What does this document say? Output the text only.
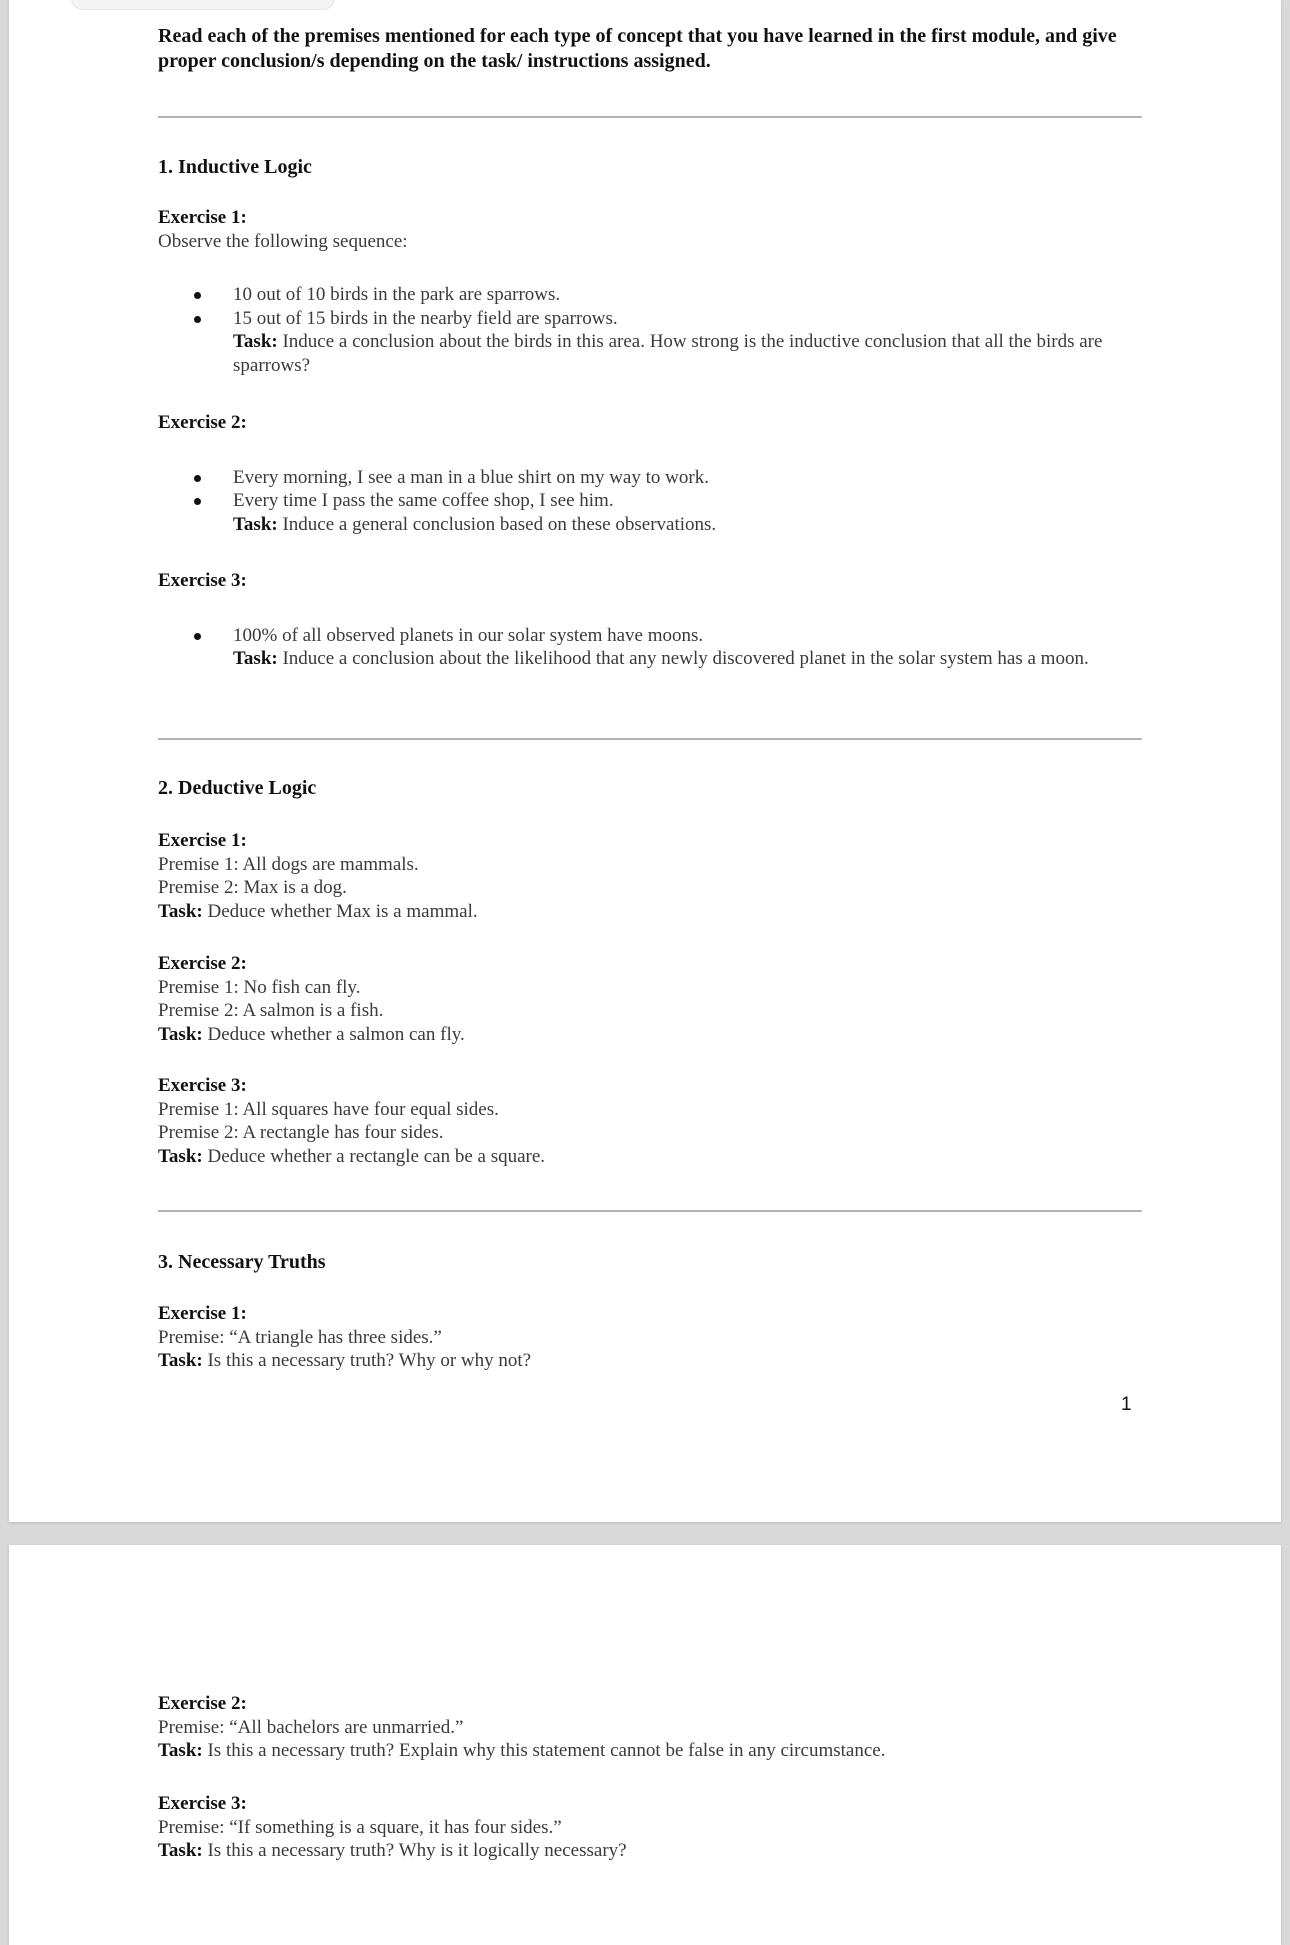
Read each of the premises mentioned for each type of concept that you have learned in the first module, and give proper conclusion/s depending on the task/ instructions assigned.
1. Inductive Logic
Exercise 1:
Observe the following sequence:
10 out of 10 birds in the park are sparrows.
15 out of 15 birds in the nearby field are sparrows.
Task: Induce a conclusion about the birds in this area. How strong is the inductive conclusion that all the birds are sparrows?
Exercise 2:
Every morning, I see a man in a blue shirt on my way to work.
Every time I pass the same coffee shop, I see him.
Task: Induce a general conclusion based on these observations.
Exercise 3:
100% of all observed planets in our solar system have moons.
Task: Induce a conclusion about the likelihood that any newly discovered planet in the solar system has a moon.
2. Deductive Logic
Exercise 1:
Premise 1: All dogs are mammals.
Premise 2: Max is a dog.
Task: Deduce whether Max is a mammal.
Exercise 2:
Premise 1: No fish can fly.
Premise 2: A salmon is a fish.
Task: Deduce whether a salmon can fly.
Exercise 3:
Premise 1: All squares have four equal sides.
Premise 2: A rectangle has four sides.
Task: Deduce whether a rectangle can be a square.
3. Necessary Truths
Exercise 1:
Premise: “A triangle has three sides.”
Task: Is this a necessary truth? Why or why not?
1
Exercise 2:
Premise: “All bachelors are unmarried.”
Task: Is this a necessary truth? Explain why this statement cannot be false in any circumstance.
Exercise 3:
Premise: “If something is a square, it has four sides.”
Task: Is this a necessary truth? Why is it logically necessary?
